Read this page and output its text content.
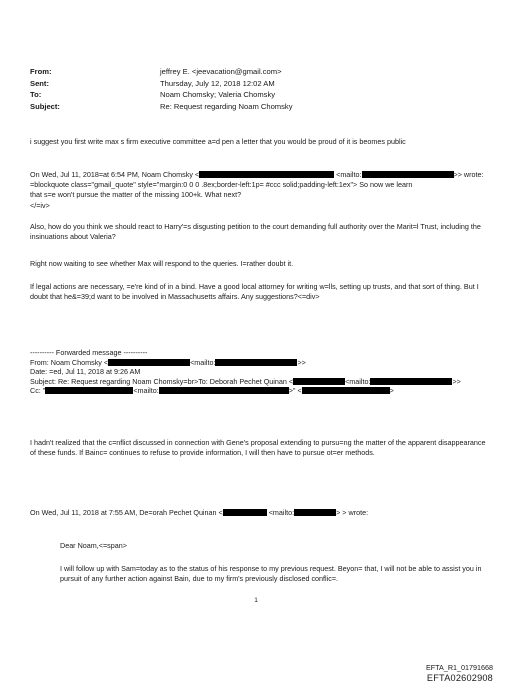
From:	jeffrey E. <jeevacation@gmail.com>
Sent:	Thursday, July 12, 2018 12:02 AM
To:	Noam Chomsky; Valeria Chomsky
Subject:	Re: Request regarding Noam Chomsky

i suggest you first write max s firm executive committee a=d pen a letter that you would be proud of it is beomes public

On Wed, Jul 11, 2018=at 6:54 PM, Noam Chomsky <	<mailto:	>> wrote:

=blockquote class="gmail_quote" style="margin:0 0 0 .8ex;border-left:1p= #ccc solid;padding-left:1ex"> So now we learn

that s=e won't pursue the matter of the missing 100+k. What next?

</=iv>

Also, how do you think we should react to Harry'=s disgusting petition to the court demanding full authority over the Marit=l Trust, including the insinuations about Valeria?

Right now waiting to see whether Max will respond to the queries. I=rather doubt it.

If legal actions are necessary, =e're kind of in a bind. Have a good local attorney for writing w=lls, setting up trusts, and that sort of thing. But I doubt that he&=39;d want to be involved in Massachusetts affairs. Any suggestions?<=div>

---------- Forwarded message ----------
From: Noam Chomsky <	<mailto:	>>
Date: =ed, Jul 11, 2018 at 9:26 AM
Subject: Re: Request regarding Noam Chomsky=br>To: Deborah Pechet Quinan <	<mailto:	>>
Cc: "	<mailto:	>" <	>

I hadn't realized that the c=nflict discussed in connection with Gene's proposal extending to pursu=ng the matter of the apparent disappearance of these funds. If Bainc= continues to refuse to provide information, I will then have to pursue ot=er methods.

On Wed, Jul 11, 2018 at 7:55 AM, De=orah Pechet Quinan <	<mailto:	> > wrote:

Dear Noam,<=span>

I will follow up with Sam=today as to the status of his response to my previous request. Beyon= that, I will not be able to assist you in pursuit of any further action against Bain, due to my firm's previously disclosed conflic=.

1
EFTA_R1_01791668
EFTA02602908
